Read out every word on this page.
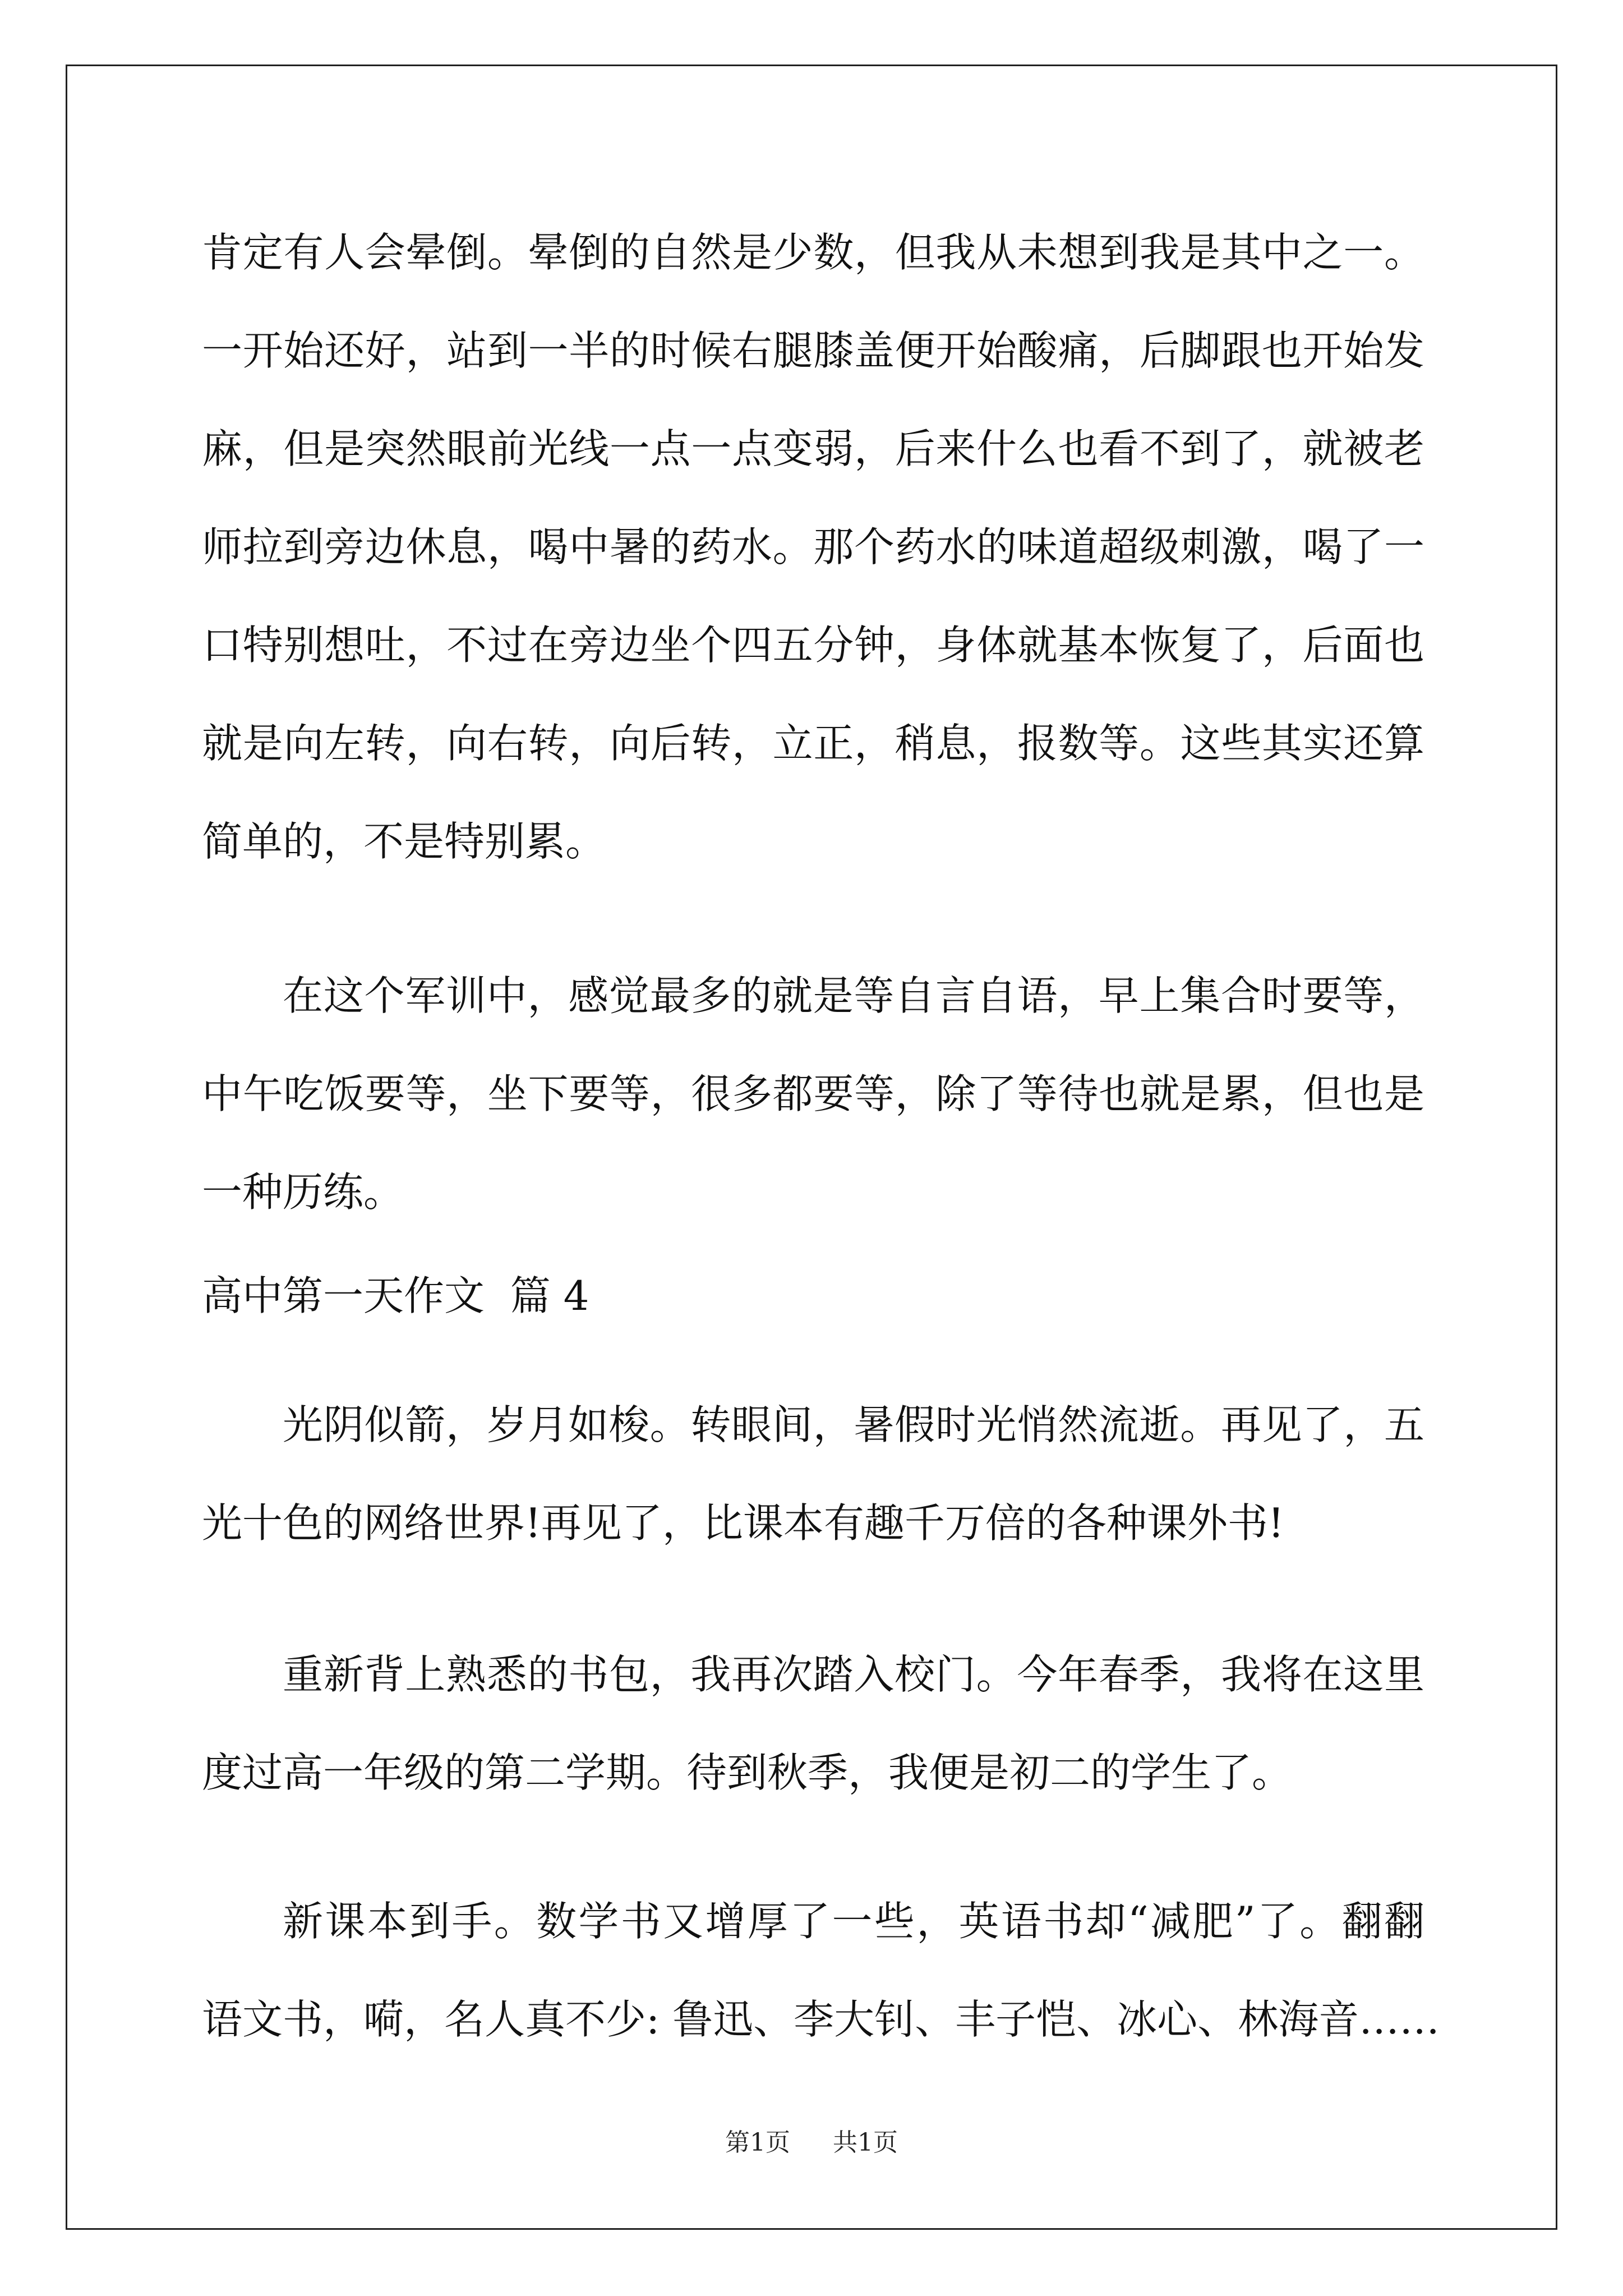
肯定有人会晕倒。晕倒的自然是少数，但我从未想到我是其中之一。
一开始还好，站到一半的时候右腿膝盖便开始酸痛，后脚跟也开始发
麻，但是突然眼前光线一点一点变弱，后来什么也看不到了，就被老
师拉到旁边休息，喝中暑的药水。那个药水的味道超级刺激，喝了一
口特别想吐，不过在旁边坐个四五分钟，身体就基本恢复了，后面也
就是向左转，向右转，向后转，立正，稍息，报数等。这些其实还算
简单的，不是特别累。
在这个军训中，感觉最多的就是等自言自语，早上集合时要等，
中午吃饭要等，坐下要等，很多都要等，除了等待也就是累，但也是
一种历练。
高中第一天作文  篇 4
光阴似箭，岁月如梭。转眼间，暑假时光悄然流逝。再见了，五
光十色的网络世界!再见了，比课本有趣千万倍的各种课外书!
重新背上熟悉的书包，我再次踏入校门。今年春季，我将在这里
度过高一年级的第二学期。待到秋季，我便是初二的学生了。
新课本到手。数学书又增厚了一些，英语书却“减肥”了。翻翻
语文书，嗬，名人真不少: 鲁迅、李大钊、丰子恺、冰心、林海音……
第1页 共1页
